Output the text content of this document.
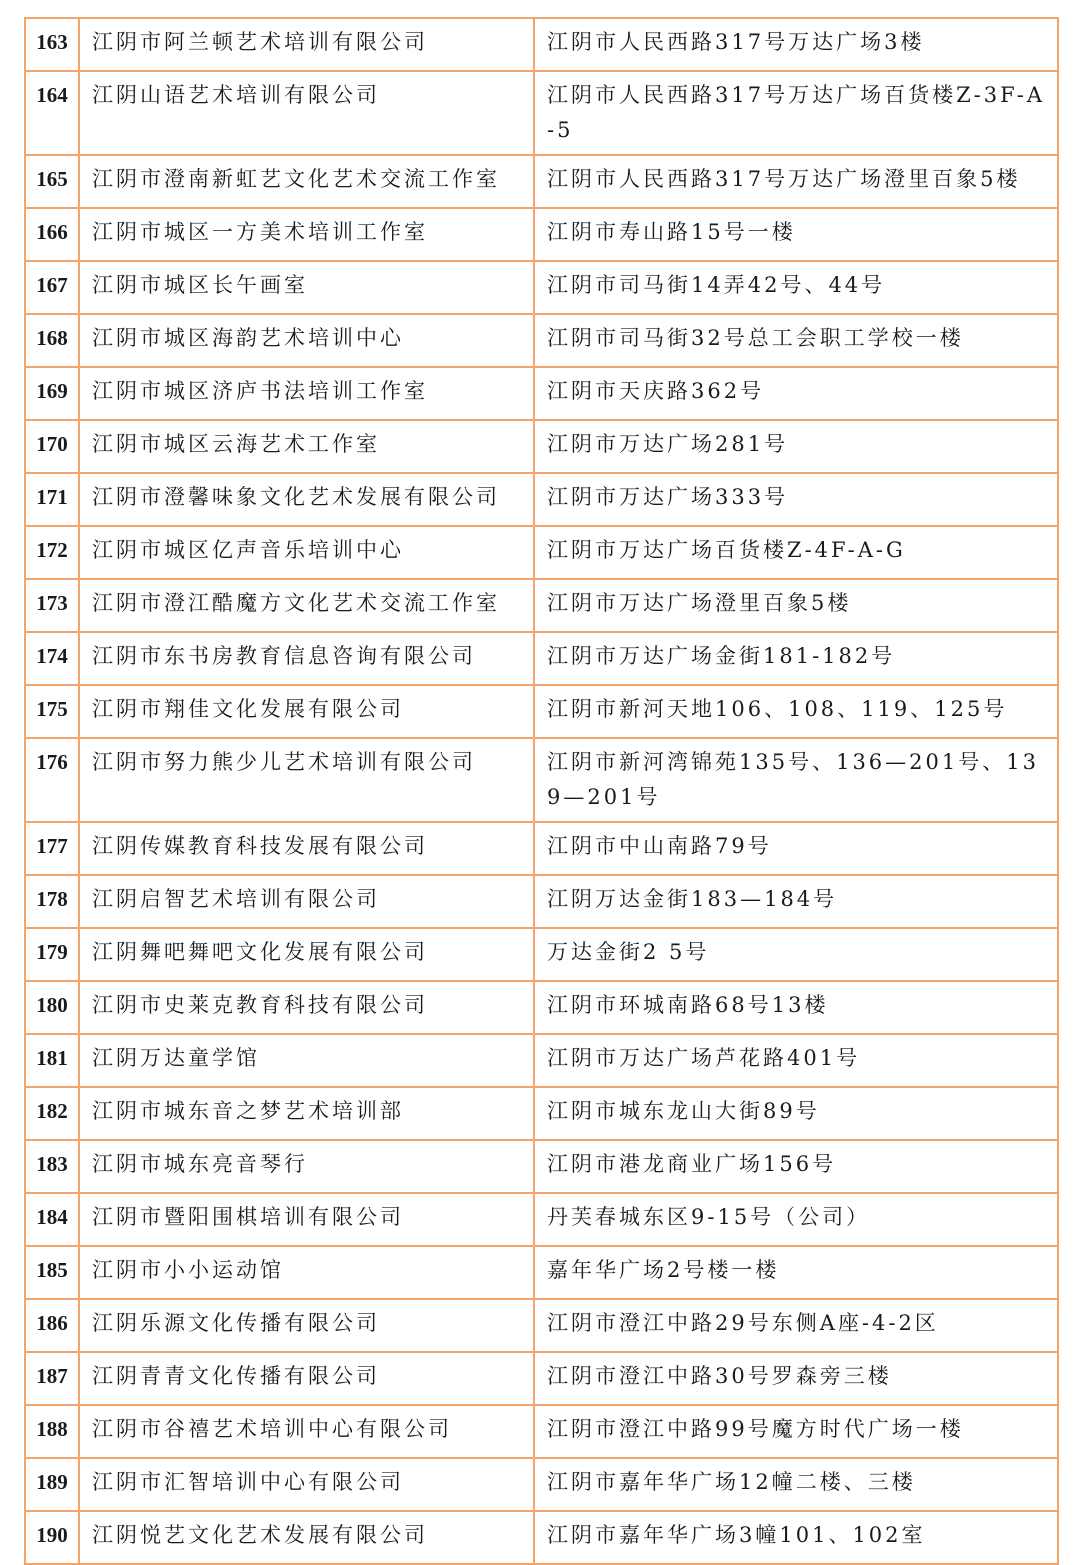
163	江阴市阿兰顿艺术培训有限公司	江阴市人民西路317号万达广场3楼
164	江阴山语艺术培训有限公司	江阴市人民西路317号万达广场百货楼Z-3F-A-5
165	江阴市澄南新虹艺文化艺术交流工作室	江阴市人民西路317号万达广场澄里百象5楼
166	江阴市城区一方美术培训工作室	江阴市寿山路15号一楼
167	江阴市城区长午画室	江阴市司马街14弄42号、44号
168	江阴市城区海韵艺术培训中心	江阴市司马街32号总工会职工学校一楼
169	江阴市城区济庐书法培训工作室	江阴市天庆路362号
170	江阴市城区云海艺术工作室	江阴市万达广场281号
171	江阴市澄馨味象文化艺术发展有限公司	江阴市万达广场333号
172	江阴市城区亿声音乐培训中心	江阴市万达广场百货楼Z-4F-A-G
173	江阴市澄江酷魔方文化艺术交流工作室	江阴市万达广场澄里百象5楼
174	江阴市东书房教育信息咨询有限公司	江阴市万达广场金街181-182号
175	江阴市翔佳文化发展有限公司	江阴市新河天地106、108、119、125号
176	江阴市努力熊少儿艺术培训有限公司	江阴市新河湾锦苑135号、136—201号、139—201号
177	江阴传媒教育科技发展有限公司	江阴市中山南路79号
178	江阴启智艺术培训有限公司	江阴万达金街183—184号
179	江阴舞吧舞吧文化发展有限公司	万达金街2 5号
180	江阴市史莱克教育科技有限公司	江阴市环城南路68号13楼
181	江阴万达童学馆	江阴市万达广场芦花路401号
182	江阴市城东音之梦艺术培训部	江阴市城东龙山大街89号
183	江阴市城东亮音琴行	江阴市港龙商业广场156号
184	江阴市暨阳围棋培训有限公司	丹芙春城东区9-15号（公司）
185	江阴市小小运动馆	嘉年华广场2号楼一楼
186	江阴乐源文化传播有限公司	江阴市澄江中路29号东侧A座-4-2区
187	江阴青青文化传播有限公司	江阴市澄江中路30号罗森旁三楼
188	江阴市谷禧艺术培训中心有限公司	江阴市澄江中路99号魔方时代广场一楼
189	江阴市汇智培训中心有限公司	江阴市嘉年华广场12幢二楼、三楼
190	江阴悦艺文化艺术发展有限公司	江阴市嘉年华广场3幢101、102室
